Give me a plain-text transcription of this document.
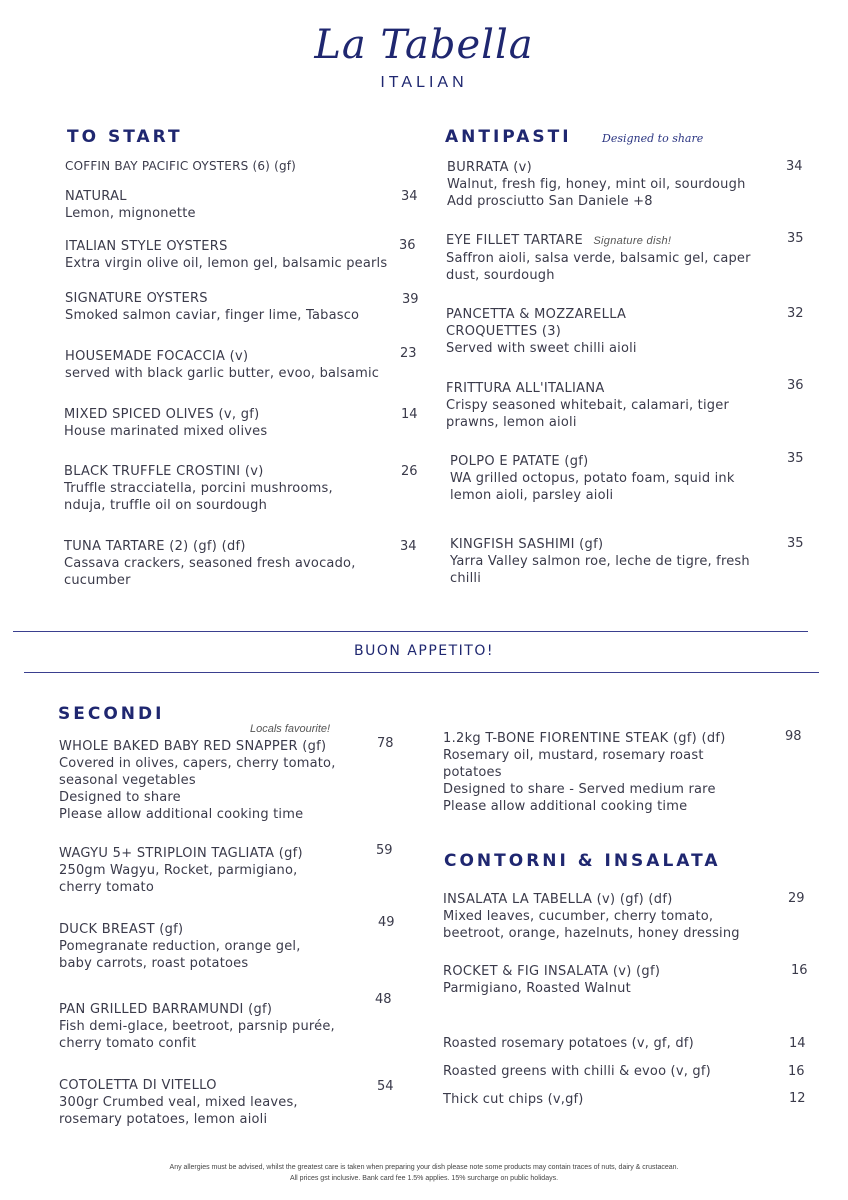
La Tabella
ITALIAN
TO START
COFFIN BAY PACIFIC OYSTERS (6) (gf)
NATURAL
Lemon, mignonette
34
ITALIAN STYLE OYSTERS
Extra virgin olive oil, lemon gel, balsamic pearls
36
SIGNATURE OYSTERS
Smoked salmon caviar, finger lime, Tabasco
39
HOUSEMADE FOCACCIA (v)
served with black garlic butter, evoo, balsamic
23
MIXED SPICED OLIVES (v, gf)
House marinated mixed olives
14
BLACK TRUFFLE CROSTINI (v)
Truffle stracciatella, porcini mushrooms,
nduja, truffle oil on sourdough
26
TUNA TARTARE (2) (gf) (df)
Cassava crackers, seasoned fresh avocado,
cucumber
34
ANTIPASTI	Designed to share
BURRATA (v)
Walnut, fresh fig, honey, mint oil, sourdough
Add prosciutto San Daniele +8
34
EYE FILLET TARTARE Signature dish!
Saffron aioli, salsa verde, balsamic gel, caper
dust, sourdough
35
PANCETTA & MOZZARELLA
CROQUETTES (3)
Served with sweet chilli aioli
32
FRITTURA ALL'ITALIANA
Crispy seasoned whitebait, calamari, tiger
prawns, lemon aioli
36
POLPO E PATATE (gf)
WA grilled octopus, potato foam, squid ink
lemon aioli, parsley aioli
35
KINGFISH SASHIMI (gf)
Yarra Valley salmon roe, leche de tigre, fresh
chilli
35
BUON APPETITO!
SECONDI
Locals favourite!
WHOLE BAKED BABY RED SNAPPER (gf)
Covered in olives, capers, cherry tomato,
seasonal vegetables
Designed to share
Please allow additional cooking time
78
WAGYU 5+ STRIPLOIN TAGLIATA (gf)
250gm Wagyu, Rocket, parmigiano,
cherry tomato
59
DUCK BREAST (gf)
Pomegranate reduction, orange gel,
baby carrots, roast potatoes
49
PAN GRILLED BARRAMUNDI (gf)
Fish demi-glace, beetroot, parsnip purée,
cherry tomato confit
48
COTOLETTA DI VITELLO
300gr Crumbed veal, mixed leaves,
rosemary potatoes, lemon aioli
54
1.2kg T-BONE FIORENTINE STEAK (gf) (df)
Rosemary oil, mustard, rosemary roast
potatoes
Designed to share - Served medium rare
Please allow additional cooking time
98
CONTORNI & INSALATA
INSALATA LA TABELLA (v) (gf) (df)
Mixed leaves, cucumber, cherry tomato,
beetroot, orange, hazelnuts, honey dressing
29
ROCKET & FIG INSALATA (v) (gf)
Parmigiano, Roasted Walnut
16
Roasted rosemary potatoes (v, gf, df)	14
Roasted greens with chilli & evoo (v, gf)	16
Thick cut chips (v,gf)	12
Any allergies must be advised, whilst the greatest care is taken when preparing your dish please note some products may contain traces of nuts, dairy & crustacean.
All prices gst inclusive. Bank card fee 1.5% applies. 15% surcharge on public holidays.
